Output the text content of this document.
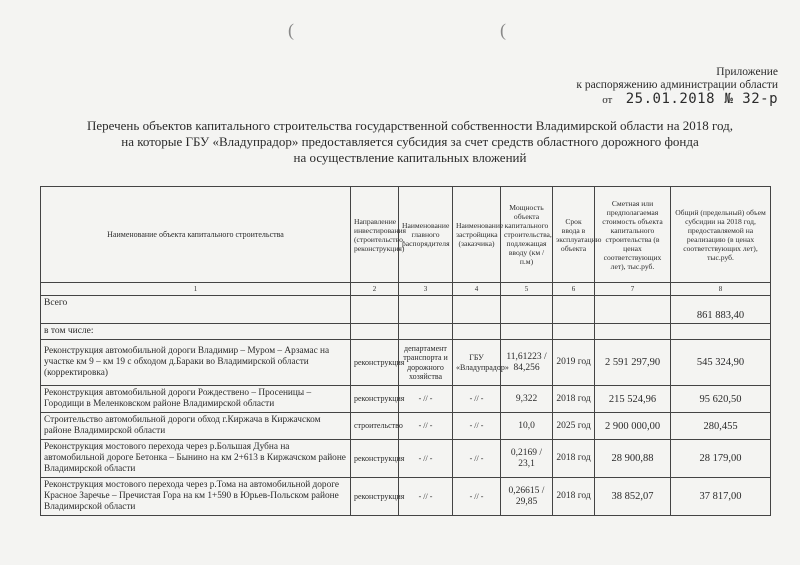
(	(
Приложение
к распоряжению администрации области
от 25.01.2018 № 32-р
Перечень объектов капитального строительства государственной собственности Владимирской области на 2018 год,
на которые ГБУ «Владупрадор» предоставляется субсидия за счет средств областного дорожного фонда
на осуществление капитальных вложений
Наименование объекта капитального строительства	Направление инвестирования (строительство, реконструкция)	Наименование главного распорядителя	Наименование застройщика (заказчика)	Мощность объекта капитального строительства, подлежащая вводу (км / п.м)	Срок ввода в эксплуатацию объекта	Сметная или предполагаемая стоимость объекта капитального строительства (в ценах соответствующих лет), тыс.руб.	Общий (предельный) объем субсидии на 2018 год, предоставляемой на реализацию (в ценах соответствующих лет), тыс.руб.
1	2	3	4	5	6	7	8
Всего							861 883,40
в том числе:							
Реконструкция автомобильной дороги Владимир – Муром – Арзамас на участке км 9 – км 19 с обходом д.Бараки во Владимирской области (корректировка)	реконструкция	департамент транспорта и дорожного хозяйства	ГБУ «Владупрадор»	11,61223 / 84,256	2019 год	2 591 297,90	545 324,90
Реконструкция автомобильной дороги Рождествено – Просеницы – Городищи в Меленковском районе Владимирской области	реконструкция	- // -	- // -	9,322	2018 год	215 524,96	95 620,50
Строительство автомобильной дороги обход г.Киржача в Киржачском районе Владимирской области	строительство	- // -	- // -	10,0	2025 год	2 900 000,00	280,455
Реконструкция мостового перехода через р.Большая Дубна на автомобильной дороге Бетонка – Бынино на км 2+613 в Киржачском районе Владимирской области	реконструкция	- // -	- // -	0,2169 / 23,1	2018 год	28 900,88	28 179,00
Реконструкция мостового перехода через р.Тома на автомобильной дороге Красное Заречье – Пречистая Гора на км 1+590 в Юрьев-Польском районе Владимирской области	реконструкция	- // -	- // -	0,26615 / 29,85	2018 год	38 852,07	37 817,00
